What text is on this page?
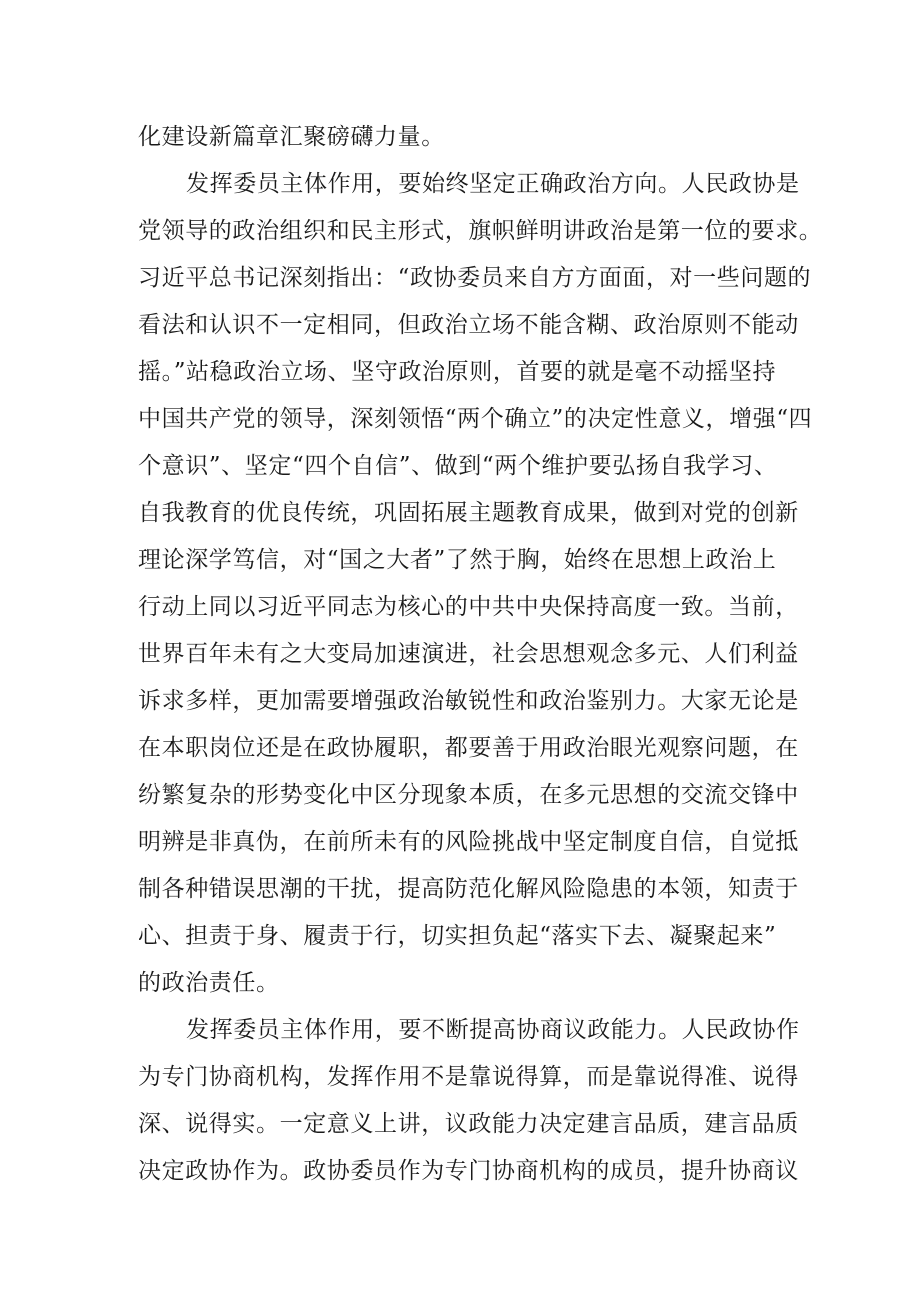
化建设新篇章汇聚磅礴力量。
发挥委员主体作用，要始终坚定正确政治方向。人民政协是
党领导的政治组织和民主形式，旗帜鲜明讲政治是第一位的要求。
习近平总书记深刻指出：“政协委员来自方方面面，对一些问题的
看法和认识不一定相同，但政治立场不能含糊、政治原则不能动
摇。”站稳政治立场、坚守政治原则，首要的就是毫不动摇坚持
中国共产党的领导，深刻领悟“两个确立”的决定性意义，增强“四
个意识”、坚定“四个自信”、做到“两个维护要弘扬自我学习、
自我教育的优良传统，巩固拓展主题教育成果，做到对党的创新
理论深学笃信，对“国之大者”了然于胸，始终在思想上政治上
行动上同以习近平同志为核心的中共中央保持高度一致。当前，
世界百年未有之大变局加速演进，社会思想观念多元、人们利益
诉求多样，更加需要增强政治敏锐性和政治鉴别力。大家无论是
在本职岗位还是在政协履职，都要善于用政治眼光观察问题，在
纷繁复杂的形势变化中区分现象本质，在多元思想的交流交锋中
明辨是非真伪，在前所未有的风险挑战中坚定制度自信，自觉抵
制各种错误思潮的干扰，提高防范化解风险隐患的本领，知责于
心、担责于身、履责于行，切实担负起“落实下去、凝聚起来”
的政治责任。
发挥委员主体作用，要不断提高协商议政能力。人民政协作
为专门协商机构，发挥作用不是靠说得算，而是靠说得准、说得
深、说得实。一定意义上讲，议政能力决定建言品质，建言品质
决定政协作为。政协委员作为专门协商机构的成员，提升协商议
